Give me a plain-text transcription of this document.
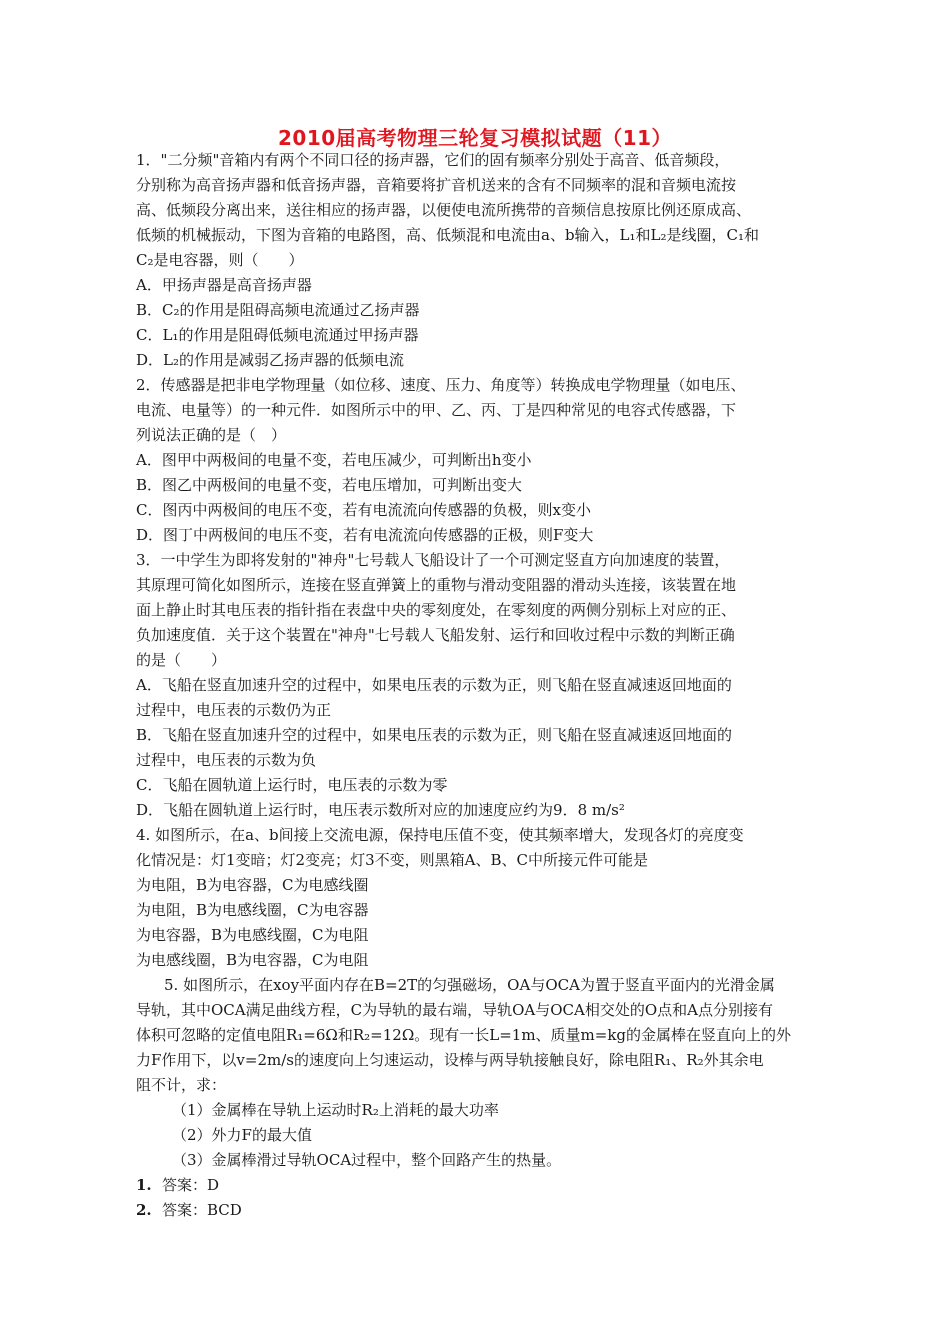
2010届高考物理三轮复习模拟试题（11）
1．"二分频"音箱内有两个不同口径的扬声器，它们的固有频率分别处于高音、低音频段，
分别称为高音扬声器和低音扬声器，音箱要将扩音机送来的含有不同频率的混和音频电流按
高、低频段分离出来，送往相应的扬声器，以便使电流所携带的音频信息按原比例还原成高、
低频的机械振动，下图为音箱的电路图，高、低频混和电流由a、b输入，L₁和L₂是线圈，C₁和
C₂是电容器，则（　　）
A．甲扬声器是高音扬声器
B．C₂的作用是阻碍高频电流通过乙扬声器
C．L₁的作用是阻碍低频电流通过甲扬声器
D．L₂的作用是减弱乙扬声器的低频电流
2．传感器是把非电学物理量（如位移、速度、压力、角度等）转换成电学物理量（如电压、
电流、电量等）的一种元件．如图所示中的甲、乙、丙、丁是四种常见的电容式传感器，下
列说法正确的是（　）
A．图甲中两极间的电量不变，若电压减少，可判断出h变小
B．图乙中两极间的电量不变，若电压增加，可判断出变大
C．图丙中两极间的电压不变，若有电流流向传感器的负极，则x变小
D．图丁中两极间的电压不变，若有电流流向传感器的正极，则F变大
3．一中学生为即将发射的"神舟"七号载人飞船设计了一个可测定竖直方向加速度的装置，
其原理可简化如图所示，连接在竖直弹簧上的重物与滑动变阻器的滑动头连接，该装置在地
面上静止时其电压表的指针指在表盘中央的零刻度处，在零刻度的两侧分别标上对应的正、
负加速度值．关于这个装置在"神舟"七号载人飞船发射、运行和回收过程中示数的判断正确
的是（　　）
A．飞船在竖直加速升空的过程中，如果电压表的示数为正，则飞船在竖直减速返回地面的
过程中，电压表的示数仍为正
B．飞船在竖直加速升空的过程中，如果电压表的示数为正，则飞船在竖直减速返回地面的
过程中，电压表的示数为负
C．飞船在圆轨道上运行时，电压表的示数为零
D．飞船在圆轨道上运行时，电压表示数所对应的加速度应约为9．8 m/s²
4. 如图所示，在a、b间接上交流电源，保持电压值不变，使其频率增大，发现各灯的亮度变
化情况是：灯1变暗；灯2变亮；灯3不变，则黑箱A、B、C中所接元件可能是
为电阻，B为电容器，C为电感线圈
为电阻，B为电感线圈，C为电容器
为电容器，B为电感线圈，C为电阻
为电感线圈，B为电容器，C为电阻
5. 如图所示，在xoy平面内存在B=2T的匀强磁场，OA与OCA为置于竖直平面内的光滑金属
导轨，其中OCA满足曲线方程，C为导轨的最右端，导轨OA与OCA相交处的O点和A点分别接有
体积可忽略的定值电阻R₁=6Ω和R₂=12Ω。现有一长L=1m、质量m=kg的金属棒在竖直向上的外
力F作用下，以v=2m/s的速度向上匀速运动，设棒与两导轨接触良好，除电阻R₁、R₂外其余电
阻不计，求：
（1）金属棒在导轨上运动时R₂上消耗的最大功率
（2）外力F的最大值
（3）金属棒滑过导轨OCA过程中，整个回路产生的热量。
1. 答案：D
2. 答案：BCD
